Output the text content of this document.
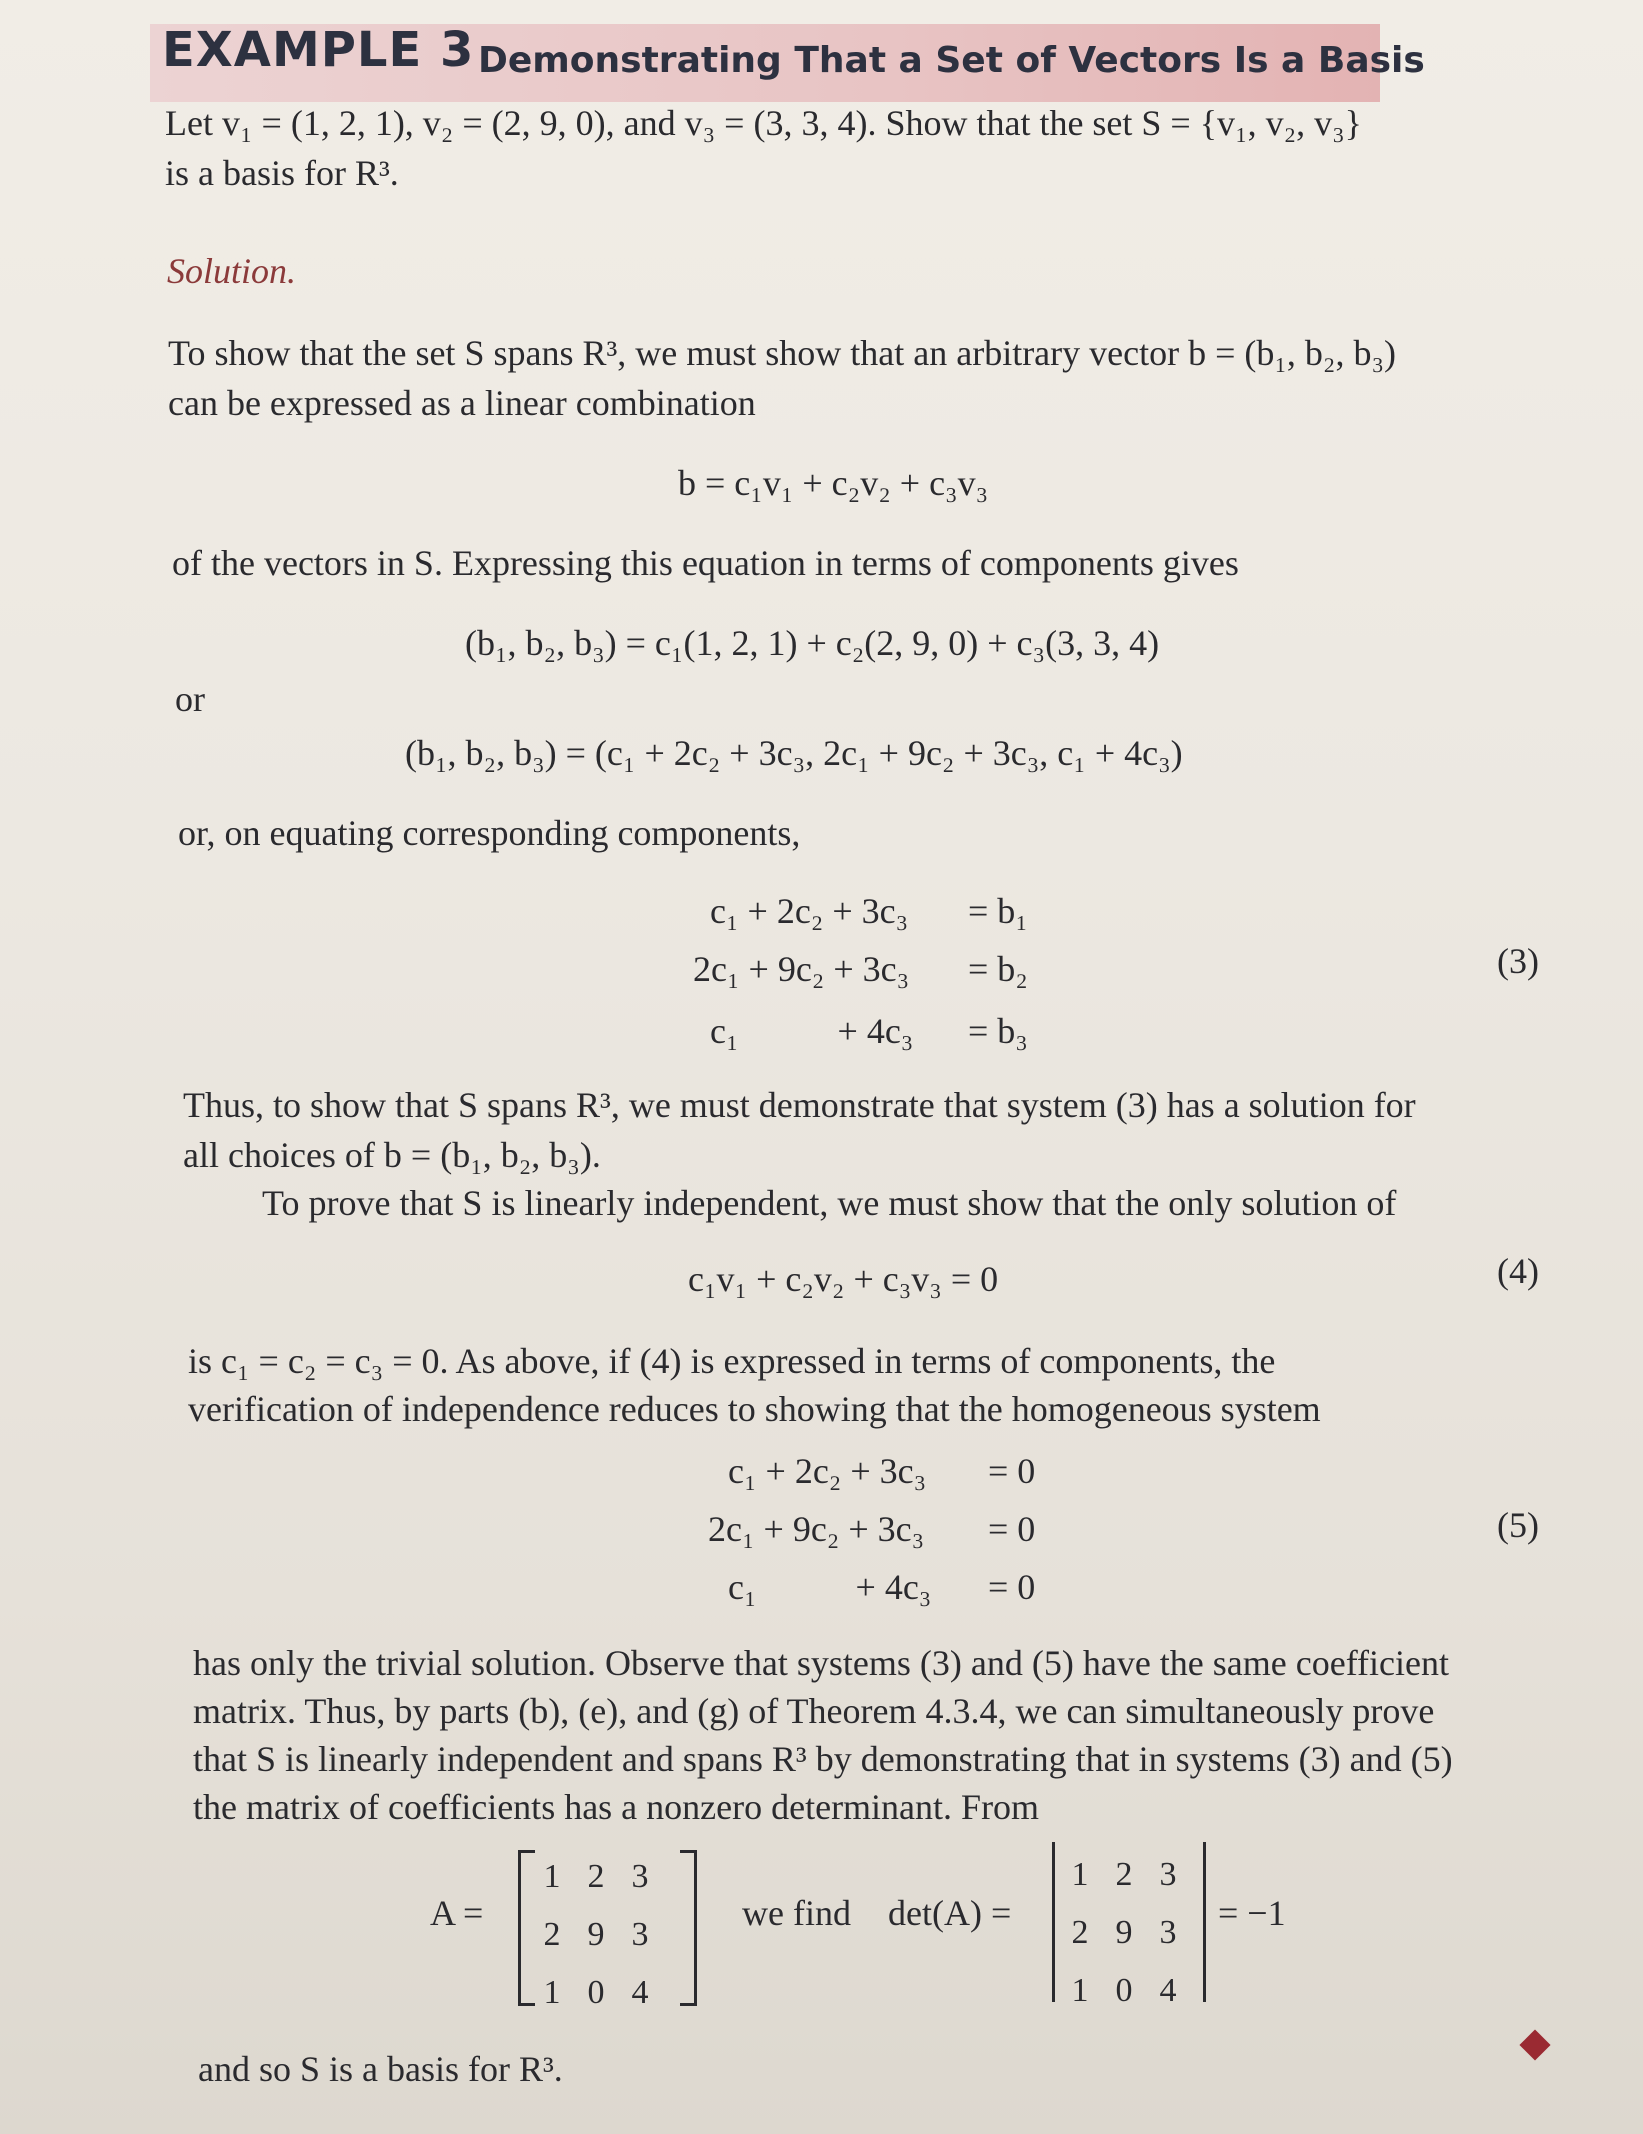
EXAMPLE 3 Demonstrating That a Set of Vectors Is a Basis
Let v₁ = (1, 2, 1), v₂ = (2, 9, 0), and v₃ = (3, 3, 4). Show that the set S = {v₁, v₂, v₃}
is a basis for R³.
Solution.
To show that the set S spans R³, we must show that an arbitrary vector b = (b₁, b₂, b₃)
can be expressed as a linear combination
b = c₁v₁ + c₂v₂ + c₃v₃
of the vectors in S. Expressing this equation in terms of components gives
(b₁, b₂, b₃) = c₁(1, 2, 1) + c₂(2, 9, 0) + c₃(3, 3, 4)
or
(b₁, b₂, b₃) = (c₁ + 2c₂ + 3c₃, 2c₁ + 9c₂ + 3c₃, c₁ + 4c₃)
or, on equating corresponding components,
c₁ + 2c₂ + 3c₃ = b₁
2c₁ + 9c₂ + 3c₃ = b₂
c₁           + 4c₃ = b₃
(3)
Thus, to show that S spans R³, we must demonstrate that system (3) has a solution for
all choices of b = (b₁, b₂, b₃).
To prove that S is linearly independent, we must show that the only solution of
c₁v₁ + c₂v₂ + c₃v₃ = 0	(4)
is c₁ = c₂ = c₃ = 0. As above, if (4) is expressed in terms of components, the
verification of independence reduces to showing that the homogeneous system
c₁ + 2c₂ + 3c₃ = 0
2c₁ + 9c₂ + 3c₃ = 0
c₁           + 4c₃ = 0
(5)
has only the trivial solution. Observe that systems (3) and (5) have the same coefficient
matrix. Thus, by parts (b), (e), and (g) of Theorem 4.3.4, we can simultaneously prove
that S is linearly independent and spans R³ by demonstrating that in systems (3) and (5)
the matrix of coefficients has a nonzero determinant. From
A =
1 2 3
2 9 3
1 0 4
we find det(A) =
1 2 3
2 9 3
1 0 4
= −1
and so S is a basis for R³.
